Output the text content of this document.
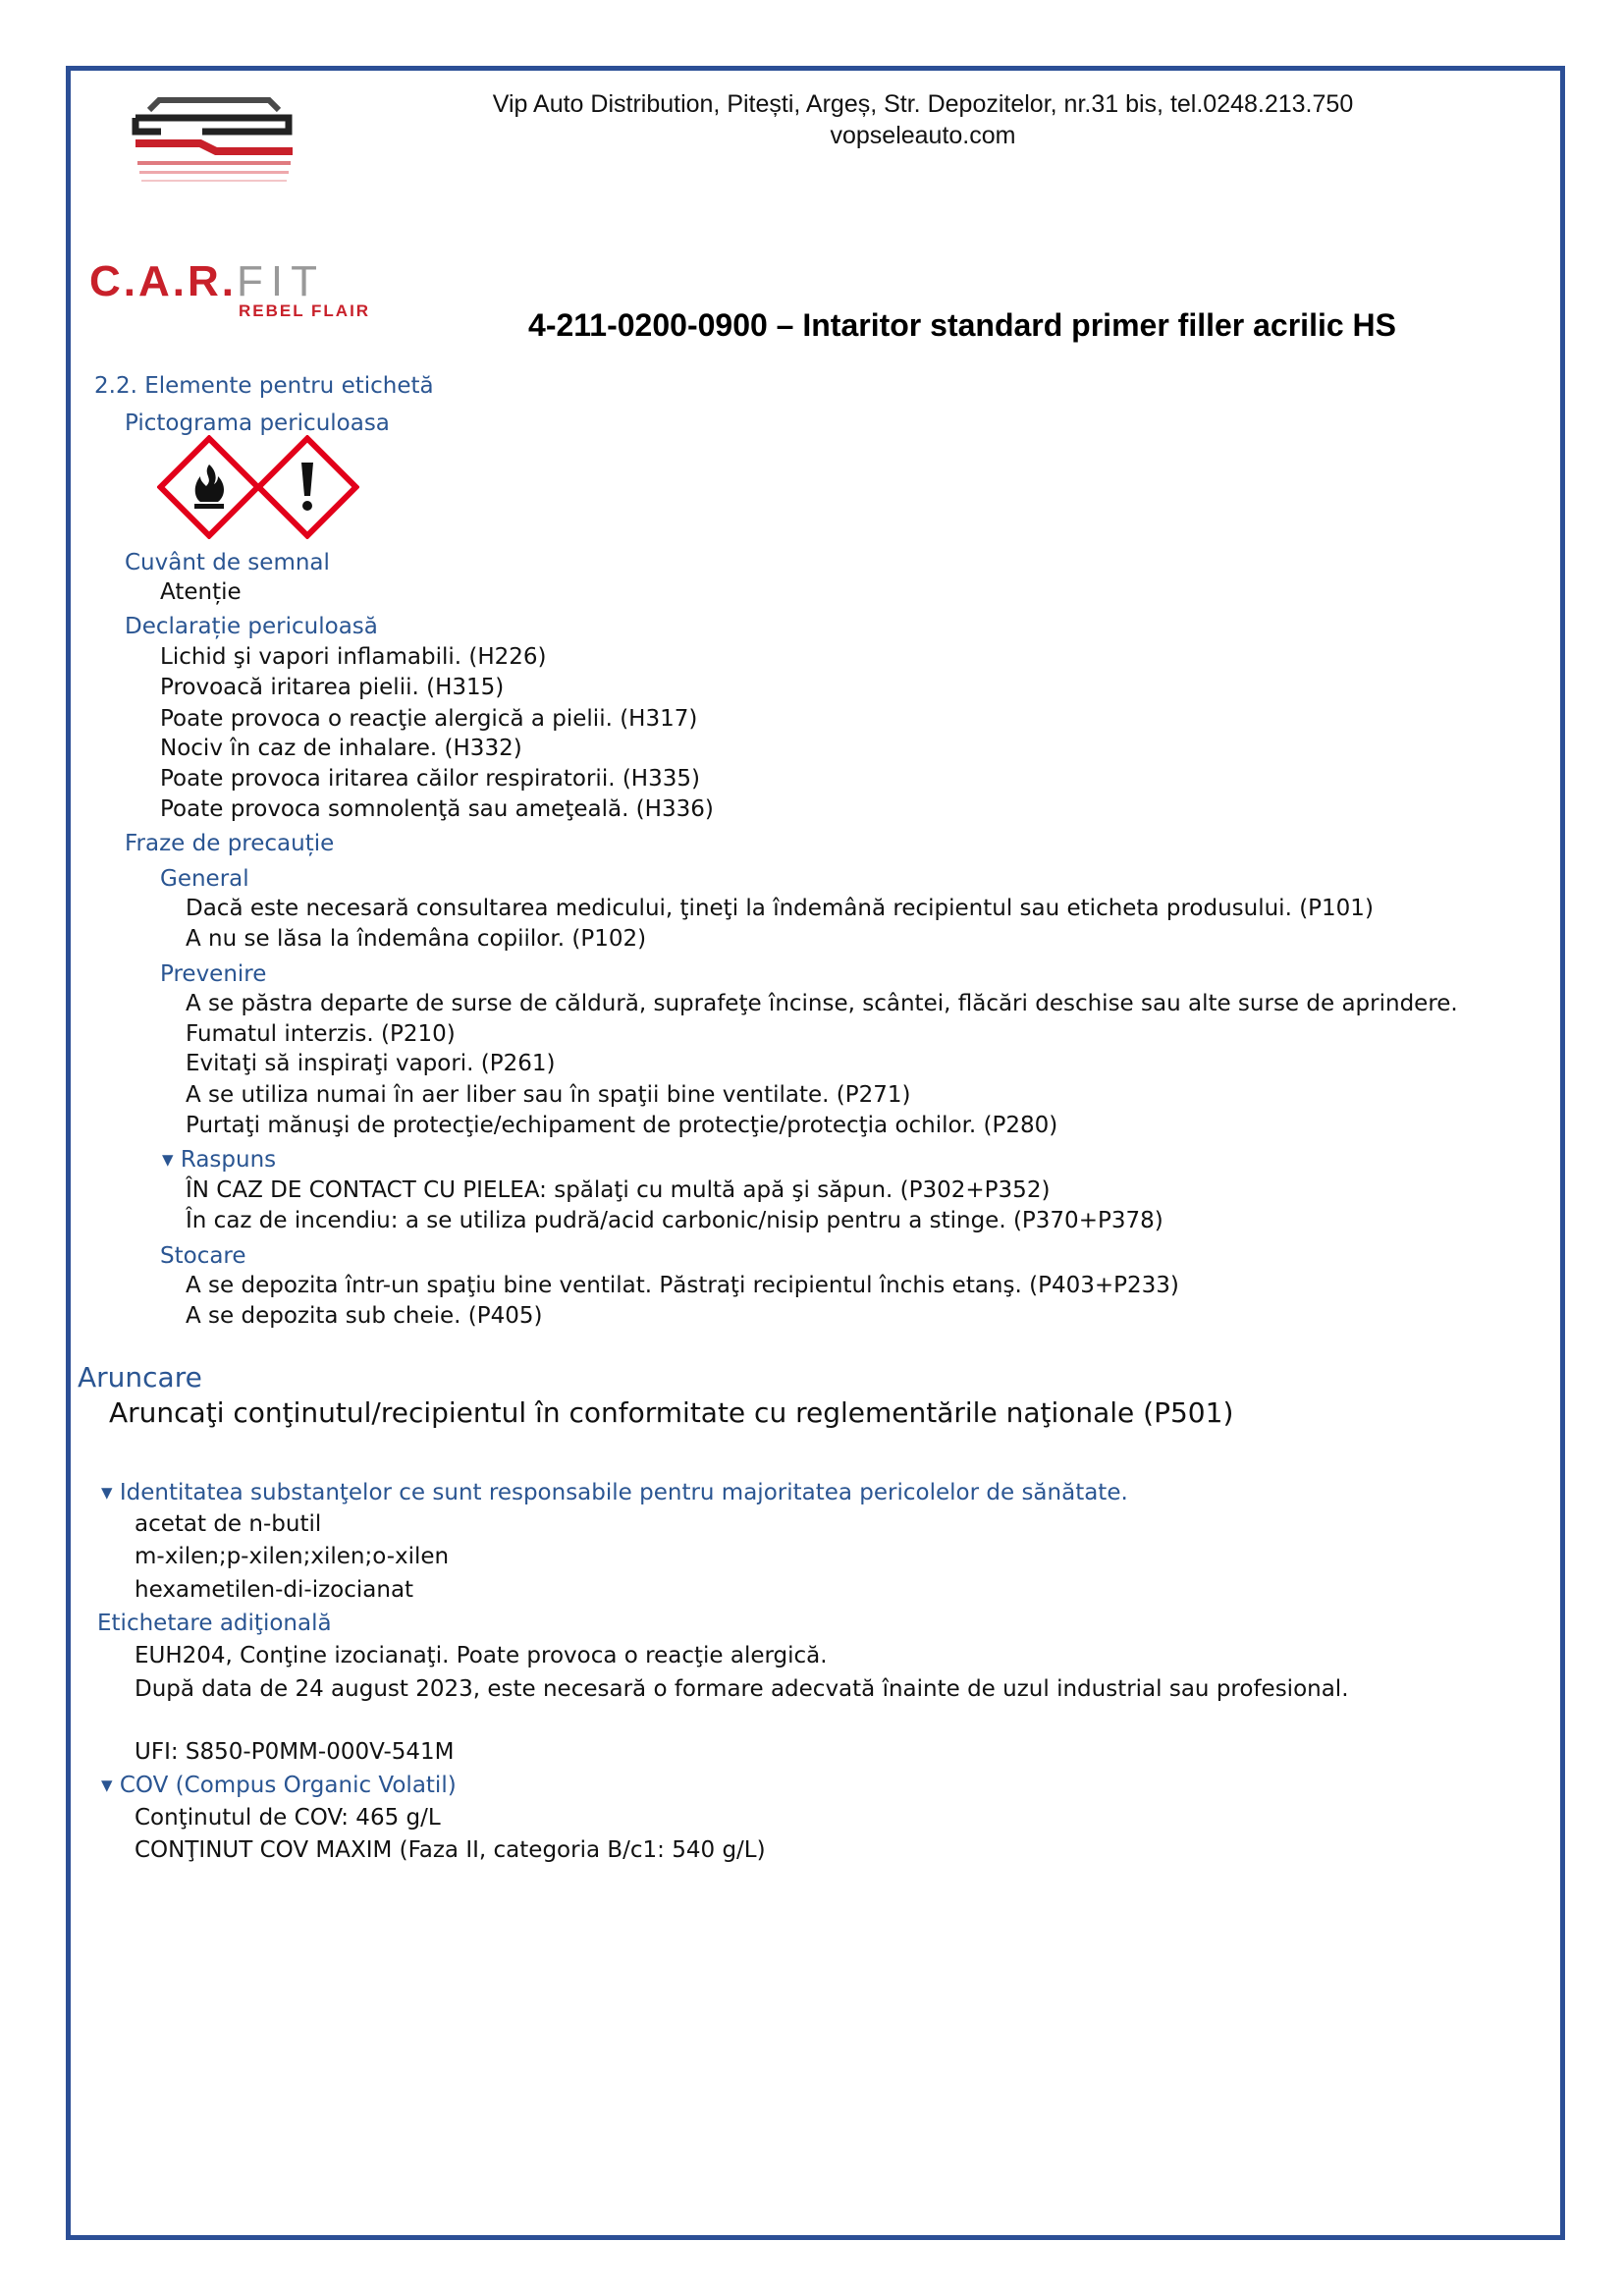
Vip Auto Distribution, Pitești, Argeș, Str. Depozitelor, nr.31 bis, tel.0248.213.750
vopseleauto.com
C.A.R.FIT
REBEL FLAIR	4-211-0200-0900 – Intaritor standard primer filler acrilic HS
2.2. Elemente pentru etichetă
Pictograma periculoasa
Cuvânt de semnal
Atenție
Declarație periculoasă
Lichid şi vapori inflamabili. (H226)
Provoacă iritarea pielii. (H315)
Poate provoca o reacţie alergică a pielii. (H317)
Nociv în caz de inhalare. (H332)
Poate provoca iritarea căilor respiratorii. (H335)
Poate provoca somnolenţă sau ameţeală. (H336)
Fraze de precauție
General
Dacă este necesară consultarea medicului, ţineţi la îndemână recipientul sau eticheta produsului. (P101)
A nu se lăsa la îndemâna copiilor. (P102)
Prevenire
A se păstra departe de surse de căldură, suprafeţe încinse, scântei, flăcări deschise sau alte surse de aprindere.
Fumatul interzis. (P210)
Evitaţi să inspiraţi vapori. (P261)
A se utiliza numai în aer liber sau în spaţii bine ventilate. (P271)
Purtaţi mănuşi de protecţie/echipament de protecţie/protecţia ochilor. (P280)
▾ Raspuns
ÎN CAZ DE CONTACT CU PIELEA: spălaţi cu multă apă şi săpun. (P302+P352)
În caz de incendiu: a se utiliza pudră/acid carbonic/nisip pentru a stinge. (P370+P378)
Stocare
A se depozita într-un spaţiu bine ventilat. Păstraţi recipientul închis etanş. (P403+P233)
A se depozita sub cheie. (P405)
Aruncare
Aruncaţi conţinutul/recipientul în conformitate cu reglementările naţionale (P501)
▾ Identitatea substanţelor ce sunt responsabile pentru majoritatea pericolelor de sănătate.
acetat de n-butil
m-xilen;p-xilen;xilen;o-xilen
hexametilen-di-izocianat
Etichetare adiţională
EUH204, Conţine izocianaţi. Poate provoca o reacţie alergică.
După data de 24 august 2023, este necesară o formare adecvată înainte de uzul industrial sau profesional.
UFI: S850-P0MM-000V-541M
▾ COV (Compus Organic Volatil)
Conţinutul de COV: 465 g/L
CONŢINUT COV MAXIM (Faza II, categoria B/c1: 540 g/L)
